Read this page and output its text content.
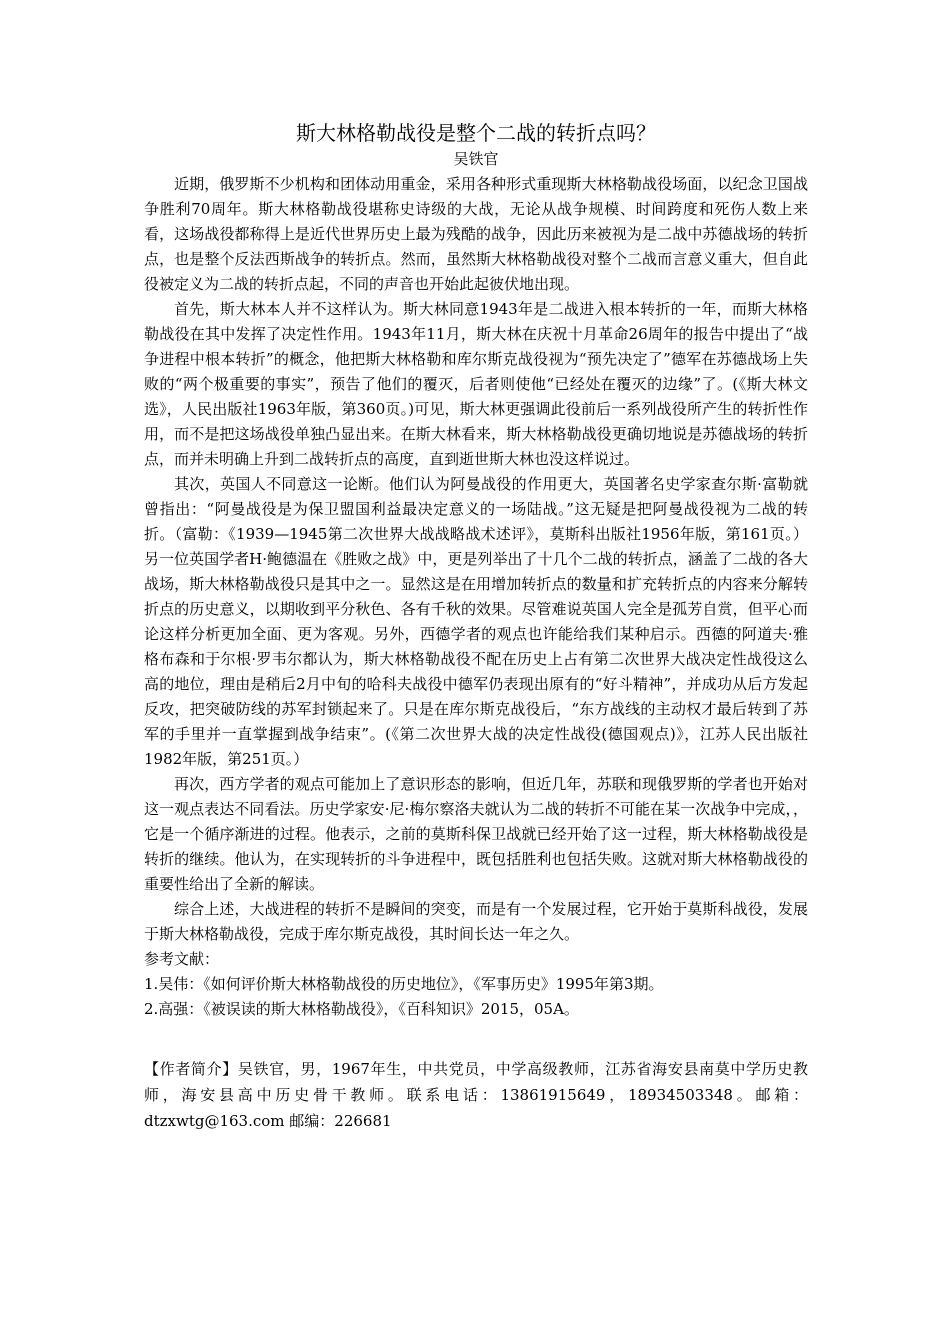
斯大林格勒战役是整个二战的转折点吗？
吴铁官

近期，俄罗斯不少机构和团体动用重金，采用各种形式重现斯大林格勒战役场面，以纪念卫国战争胜利70周年。斯大林格勒战役堪称史诗级的大战，无论从战争规模、时间跨度和死伤人数上来看，这场战役都称得上是近代世界历史上最为残酷的战争，因此历来被视为是二战中苏德战场的转折点，也是整个反法西斯战争的转折点。然而，虽然斯大林格勒战役对整个二战而言意义重大，但自此役被定义为二战的转折点起，不同的声音也开始此起彼伏地出现。

首先，斯大林本人并不这样认为。斯大林同意1943年是二战进入根本转折的一年，而斯大林格勒战役在其中发挥了决定性作用。1943年11月，斯大林在庆祝十月革命26周年的报告中提出了“战争进程中根本转折”的概念，他把斯大林格勒和库尔斯克战役视为“预先决定了”德军在苏德战场上失败的“两个极重要的事实”，预告了他们的覆灭，后者则使他“已经处在覆灭的边缘”了。(《斯大林文选》，人民出版社1963年版，第360页。)可见，斯大林更强调此役前后一系列战役所产生的转折性作用，而不是把这场战役单独凸显出来。在斯大林看来，斯大林格勒战役更确切地说是苏德战场的转折点，而并未明确上升到二战转折点的高度，直到逝世斯大林也没这样说过。

其次，英国人不同意这一论断。他们认为阿曼战役的作用更大，英国著名史学家查尔斯·富勒就曾指出：“阿曼战役是为保卫盟国利益最决定意义的一场陆战。”这无疑是把阿曼战役视为二战的转折。（富勒：《1939—1945第二次世界大战战略战术述评》，莫斯科出版社1956年版，第161页。）另一位英国学者H·鲍德温在《胜败之战》中，更是列举出了十几个二战的转折点，涵盖了二战的各大战场，斯大林格勒战役只是其中之一。显然这是在用增加转折点的数量和扩充转折点的内容来分解转折点的历史意义，以期收到平分秋色、各有千秋的效果。尽管难说英国人完全是孤芳自赏，但平心而论这样分析更加全面、更为客观。另外，西德学者的观点也许能给我们某种启示。西德的阿道夫·雅格布森和于尔根·罗韦尔都认为，斯大林格勒战役不配在历史上占有第二次世界大战决定性战役这么高的地位，理由是稍后2月中旬的哈科夫战役中德军仍表现出原有的“好斗精神”，并成功从后方发起反攻，把突破防线的苏军封锁起来了。只是在库尔斯克战役后，“东方战线的主动权才最后转到了苏军的手里并一直掌握到战争结束”。(《第二次世界大战的决定性战役(德国观点)》，江苏人民出版社1982年版，第251页。）

再次，西方学者的观点可能加上了意识形态的影响，但近几年，苏联和现俄罗斯的学者也开始对这一观点表达不同看法。历史学家安·尼·梅尔察洛夫就认为二战的转折不可能在某一次战争中完成，，它是一个循序渐进的过程。他表示，之前的莫斯科保卫战就已经开始了这一过程，斯大林格勒战役是转折的继续。他认为，在实现转折的斗争进程中，既包括胜利也包括失败。这就对斯大林格勒战役的重要性给出了全新的解读。

综合上述，大战进程的转折不是瞬间的突变，而是有一个发展过程，它开始于莫斯科战役，发展于斯大林格勒战役，完成于库尔斯克战役，其时间长达一年之久。

参考文献：
1.吴伟：《如何评价斯大林格勒战役的历史地位》，《军事历史》1995年第3期。
2.高强：《被误读的斯大林格勒战役》，《百科知识》2015，05A。

【作者简介】吴铁官，男，1967年生，中共党员，中学高级教师，江苏省海安县南莫中学历史教师，海安县高中历史骨干教师。联系电话：13861915649，18934503348。邮箱：dtzxwtg@163.com 邮编：226681
